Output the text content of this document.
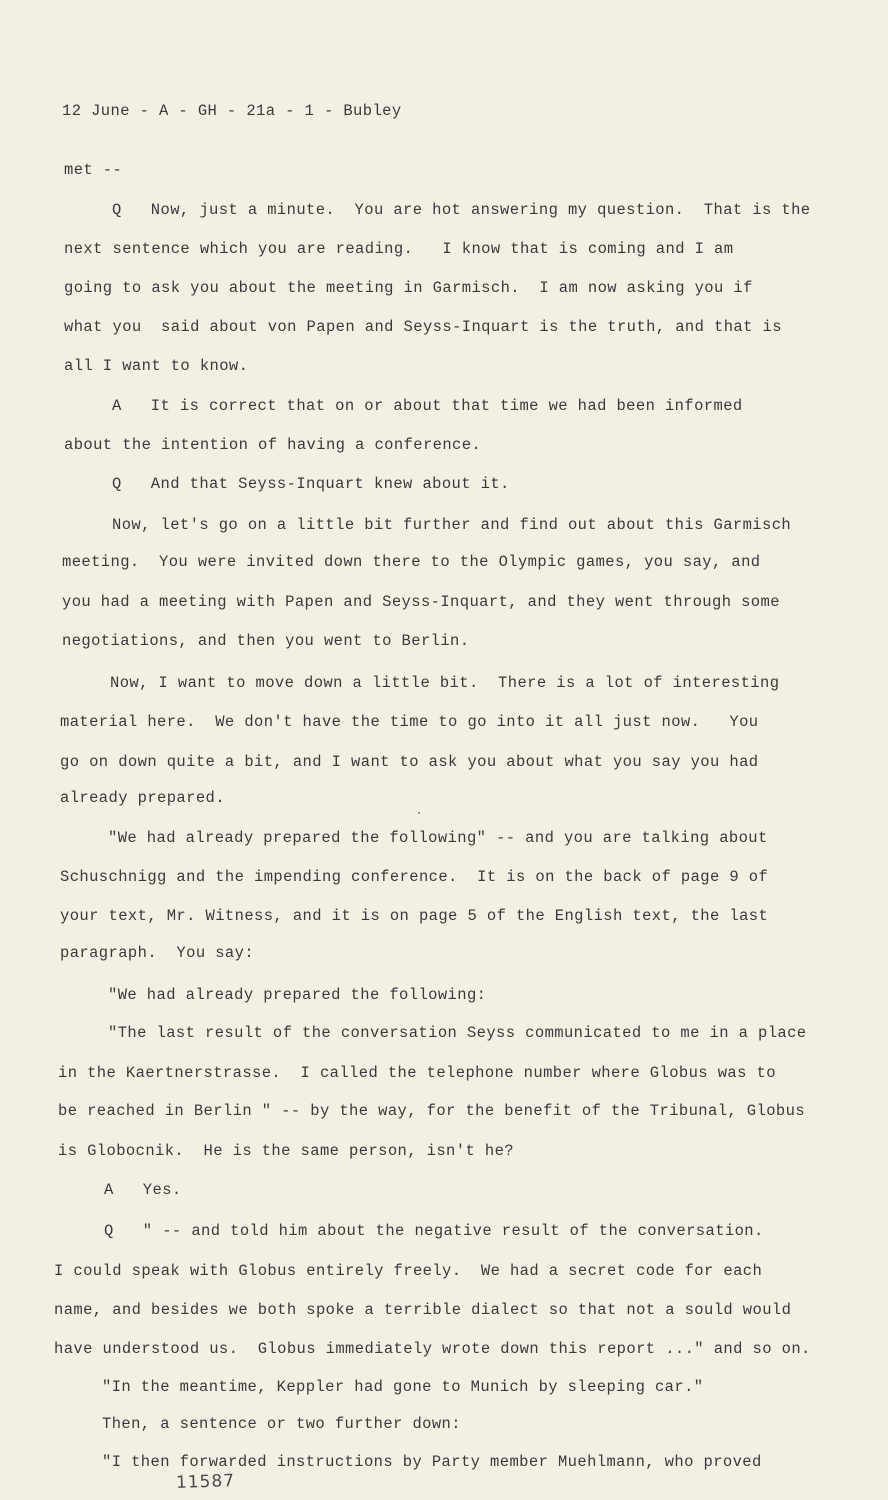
12 June - A - GH - 21a - 1 - Bubley
met --
Q   Now, just a minute.  You are hot answering my question.  That is the
next sentence which you are reading.   I know that is coming and I am
going to ask you about the meeting in Garmisch.  I am now asking you if
what you  said about von Papen and Seyss-Inquart is the truth, and that is
all I want to know.
A   It is correct that on or about that time we had been informed
about the intention of having a conference.
Q   And that Seyss-Inquart knew about it.
Now, let's go on a little bit further and find out about this Garmisch
meeting.  You were invited down there to the Olympic games, you say, and
you had a meeting with Papen and Seyss-Inquart, and they went through some
negotiations, and then you went to Berlin.
Now, I want to move down a little bit.  There is a lot of interesting
material here.  We don't have the time to go into it all just now.   You
go on down quite a bit, and I want to ask you about what you say you had
already prepared.
"We had already prepared the following" -- and you are talking about
Schuschnigg and the impending conference.  It is on the back of page 9 of
your text, Mr. Witness, and it is on page 5 of the English text, the last
paragraph.  You say:
"We had already prepared the following:
"The last result of the conversation Seyss communicated to me in a place
in the Kaertnerstrasse.  I called the telephone number where Globus was to
be reached in Berlin " -- by the way, for the benefit of the Tribunal, Globus
is Globocnik.  He is the same person, isn't he?
A   Yes.
Q   " -- and told him about the negative result of the conversation.
I could speak with Globus entirely freely.  We had a secret code for each
name, and besides we both spoke a terrible dialect so that not a sould would
have understood us.  Globus immediately wrote down this report ..." and so on.
"In the meantime, Keppler had gone to Munich by sleeping car."
Then, a sentence or two further down:
"I then forwarded instructions by Party member Muehlmann, who proved
11587
